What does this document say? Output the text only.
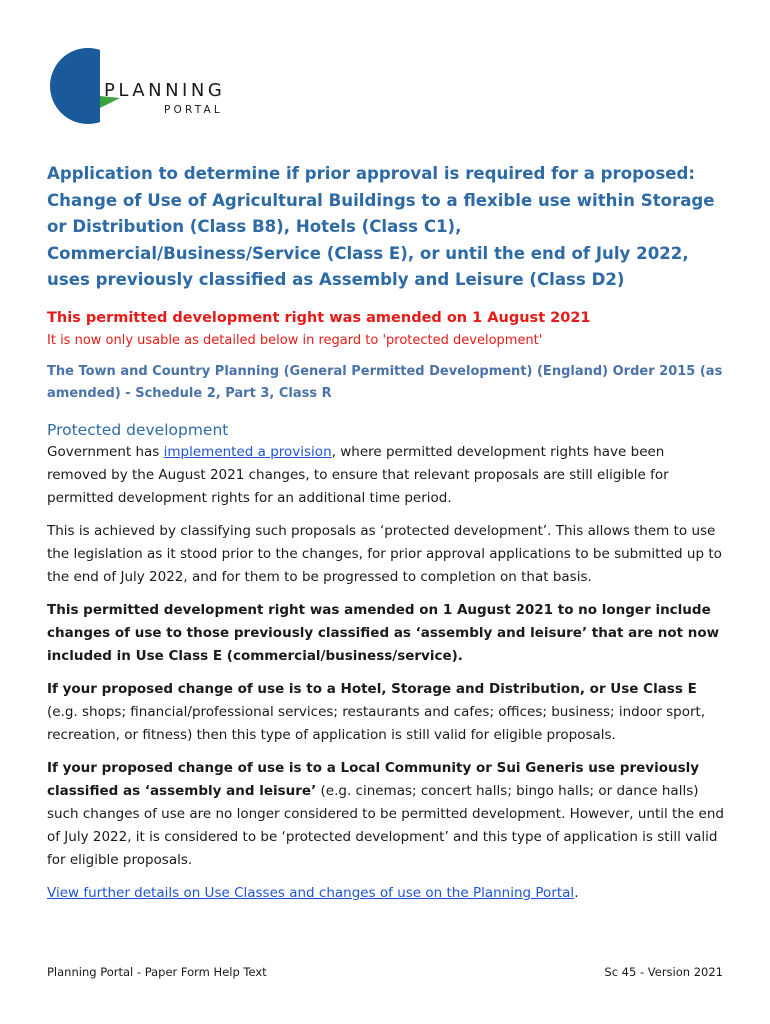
PLANNING
PORTAL
Application to determine if prior approval is required for a proposed: Change of Use of Agricultural Buildings to a flexible use within Storage or Distribution (Class B8), Hotels (Class C1), Commercial/Business/Service (Class E), or until the end of July 2022, uses previously classified as Assembly and Leisure (Class D2)
This permitted development right was amended on 1 August 2021
It is now only usable as detailed below in regard to 'protected development'
The Town and Country Planning (General Permitted Development) (England) Order 2015 (as amended) - Schedule 2, Part 3, Class R
Protected development

Government has implemented a provision, where permitted development rights have been removed by the August 2021 changes, to ensure that relevant proposals are still eligible for permitted development rights for an additional time period.

This is achieved by classifying such proposals as ‘protected development’. This allows them to use the legislation as it stood prior to the changes, for prior approval applications to be submitted up to the end of July 2022, and for them to be progressed to completion on that basis.

This permitted development right was amended on 1 August 2021 to no longer include changes of use to those previously classified as ‘assembly and leisure’ that are not now included in Use Class E (commercial/business/service).

If your proposed change of use is to a Hotel, Storage and Distribution, or Use Class E (e.g. shops; financial/professional services; restaurants and cafes; offices; business; indoor sport, recreation, or fitness) then this type of application is still valid for eligible proposals.

If your proposed change of use is to a Local Community or Sui Generis use previously classified as ‘assembly and leisure’ (e.g. cinemas; concert halls; bingo halls; or dance halls) such changes of use are no longer considered to be permitted development. However, until the end of July 2022, it is considered to be ‘protected development’ and this type of application is still valid for eligible proposals.

View further details on Use Classes and changes of use on the Planning Portal.

Planning Portal - Paper Form Help Text	Sc 45 - Version 2021
